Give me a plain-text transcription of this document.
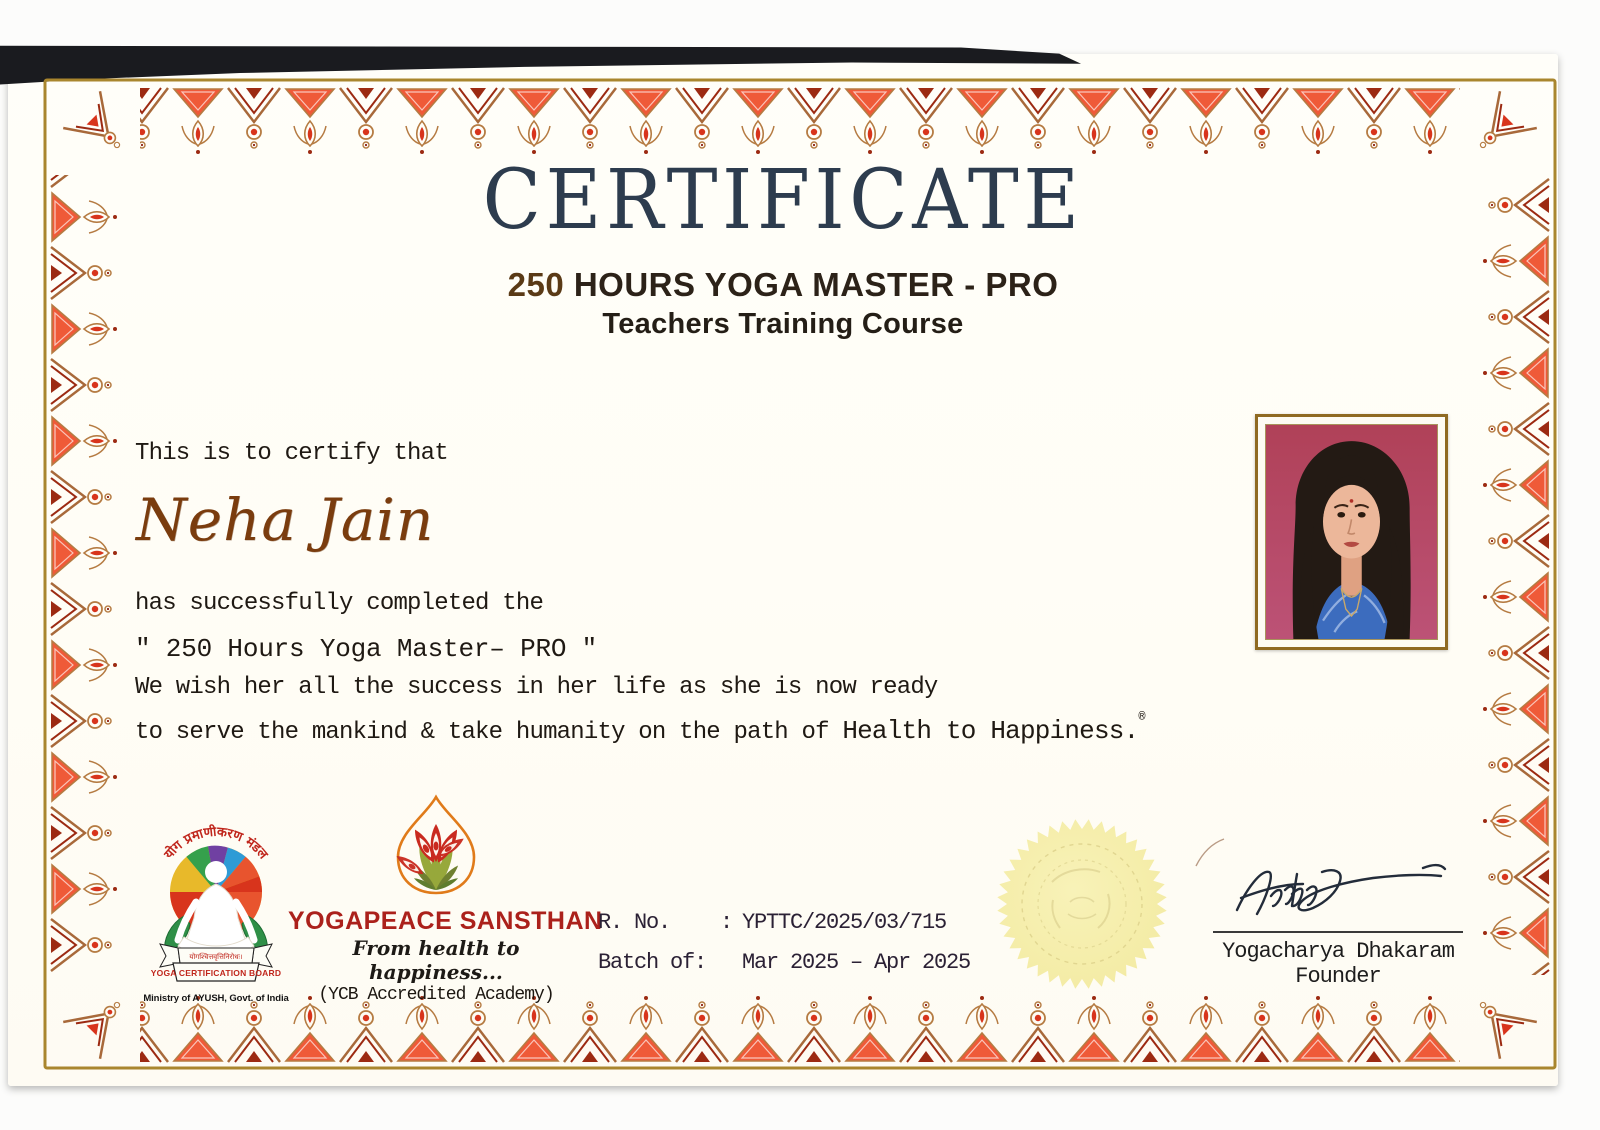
CERTIFICATE
250 HOURS YOGA MASTER - PRO
Teachers Training Course
This is to certify that
Neha Jain
has successfully completed the
" 250 Hours Yoga Master– PRO "
We wish her all the success in her life as she is now ready
to serve the mankind & take humanity on the path of Health to Happiness.®
योग प्रमाणीकरण मंडल
योगश्चित्तवृत्तिनिरोधः।
YOGA CERTIFICATION BOARD
Ministry of AYUSH, Govt. of India
YOGAPEACE SANSTHAN
From health to happiness...
(YCB Accredited Academy)
R. No.	: YPTTC/2025/03/715
Batch of:	Mar 2025 – Apr 2025	Yogacharya Dhakaram
Founder
